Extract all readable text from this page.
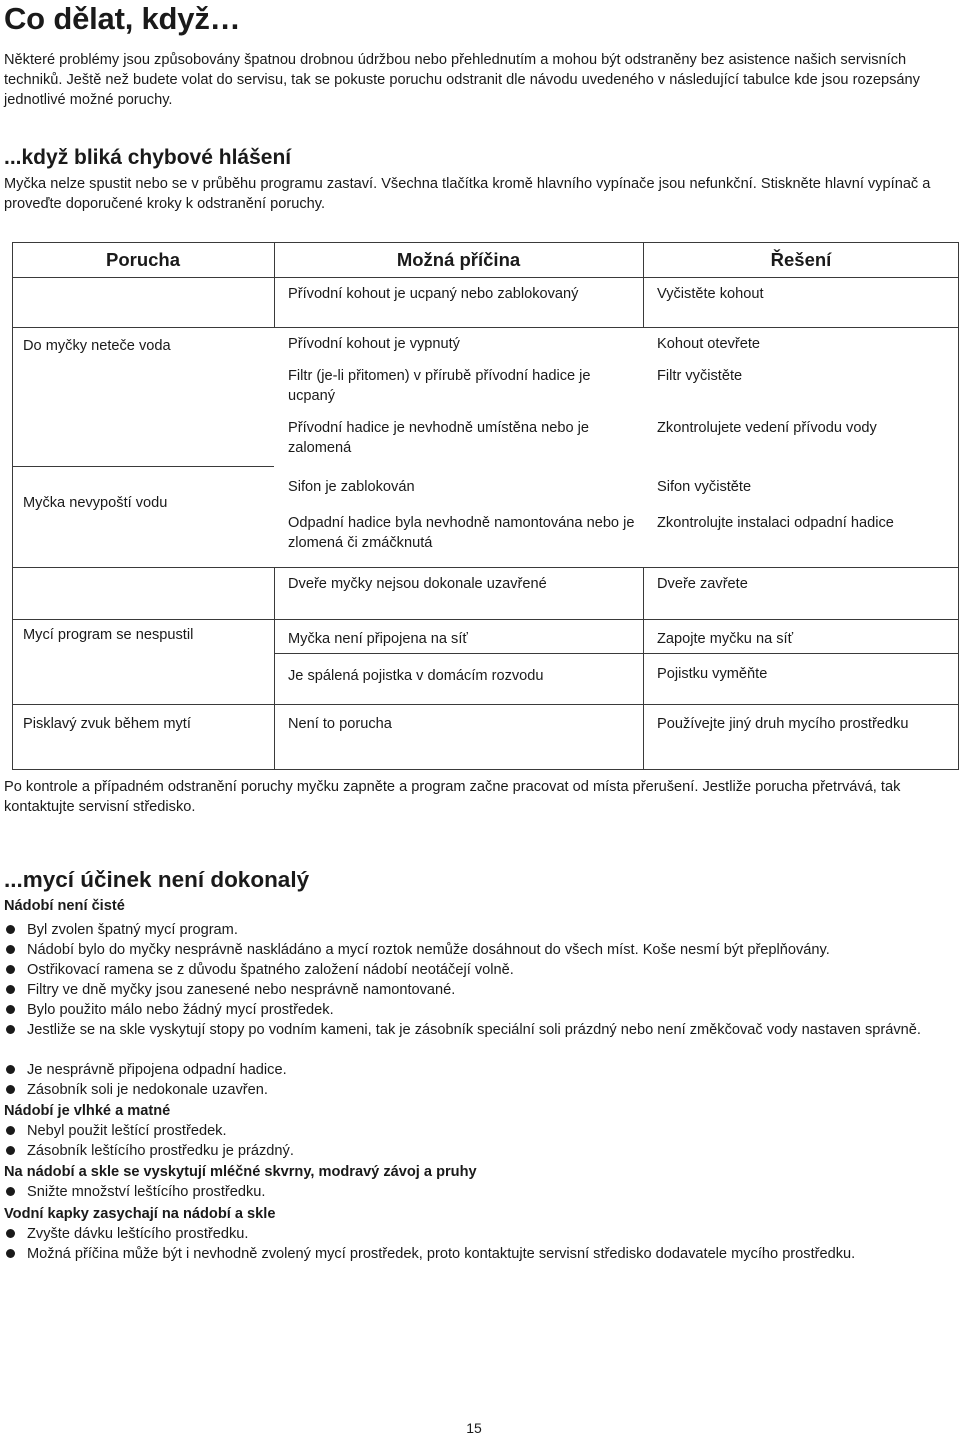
Co dělat, když…
Některé problémy jsou způsobovány špatnou drobnou údržbou nebo přehlednutím a mohou být odstraněny bez asistence našich servisních techniků. Ještě než budete volat do servisu, tak se pokuste poruchu odstranit dle návodu uvedeného v následující tabulce kde jsou rozepsány jednotlivé možné poruchy.
...když bliká chybové hlášení
Myčka nelze spustit nebo se v průběhu programu zastaví. Všechna tlačítka kromě hlavního vypínače jsou nefunkční. Stiskněte hlavní vypínač a proveďte doporučené kroky k odstranění poruchy.
Porucha	Možná příčina	Řešení
Do myčky neteče voda
Myčka nevypoští vodu
Mycí program se nespustil
Pisklavý zvuk během mytí
Přívodní kohout je ucpaný nebo zablokovaný
Přívodní kohout je vypnutý
Filtr (je-li přitomen) v přírubě přívodní hadice je ucpaný
Přívodní hadice je nevhodně umístěna nebo je zalomená
Sifon je zablokován
Odpadní hadice byla nevhodně namontována nebo je zlomená či zmáčknutá
Dveře myčky nejsou dokonale uzavřené
Myčka není připojena na síť
Je spálená pojistka v domácím rozvodu
Není to porucha
Vyčistěte kohout
Kohout otevřete
Filtr vyčistěte
Zkontrolujete vedení přívodu vody
Sifon vyčistěte
Zkontrolujte instalaci odpadní hadice
Dveře zavřete
Zapojte myčku na síť
Pojistku vyměňte
Používejte jiný druh mycího prostředku
Po kontrole a případném odstranění poruchy myčku zapněte a program začne pracovat od místa přerušení. Jestliže porucha přetrvává, tak kontaktujte servisní středisko.
...mycí účinek není dokonalý
Nádobí není čisté
Byl zvolen špatný mycí program.
Nádobí bylo do myčky nesprávně naskládáno a mycí roztok nemůže dosáhnout do všech míst. Koše nesmí být přeplňovány.
Ostřikovací ramena se z důvodu špatného založení nádobí neotáčejí volně.
Filtry ve dně myčky jsou zanesené nebo nesprávně namontované.
Bylo použito málo nebo žádný mycí prostředek.
Jestliže se na skle vyskytují stopy po vodním kameni, tak je zásobník speciální soli prázdný nebo není změkčovač vody nastaven správně.
Je nesprávně připojena odpadní hadice.
Zásobník soli je nedokonale uzavřen.
Nádobí je vlhké a matné
Nebyl použit leštící prostředek.
Zásobník leštícího prostředku je prázdný.
Na nádobí a skle se vyskytují mléčné skvrny, modravý závoj a pruhy
Snižte množství leštícího prostředku.
Vodní kapky zasychají na nádobí a skle
Zvyšte dávku leštícího prostředku.
Možná příčina může být i nevhodně zvolený mycí prostředek, proto kontaktujte servisní středisko dodavatele mycího prostředku.
15
